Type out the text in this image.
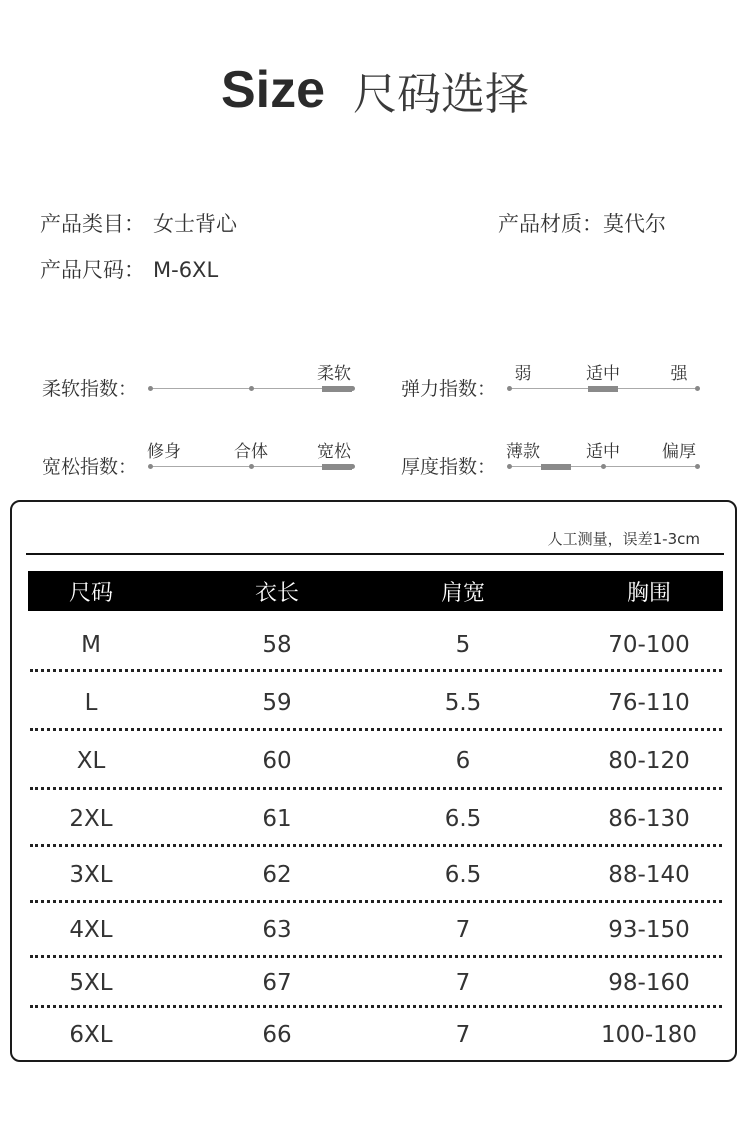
Size 尺码选择
产品类目： 女士背心	产品材质：莫代尔
产品尺码： M-6XL
柔软指数：
柔软
弹力指数：
弱	适中	强
宽松指数：
修身	合体	宽松
厚度指数：
薄款	适中 偏厚
人工测量，误差1-3cm
尺码	衣长	肩宽	胸围
M	58	5	70-100
L	59	5.5	76-110
XL	60	6	80-120
2XL	61	6.5	86-130
3XL	62	6.5	88-140
4XL	63	7	93-150
5XL	67	7	98-160
6XL	66	7	100-180
